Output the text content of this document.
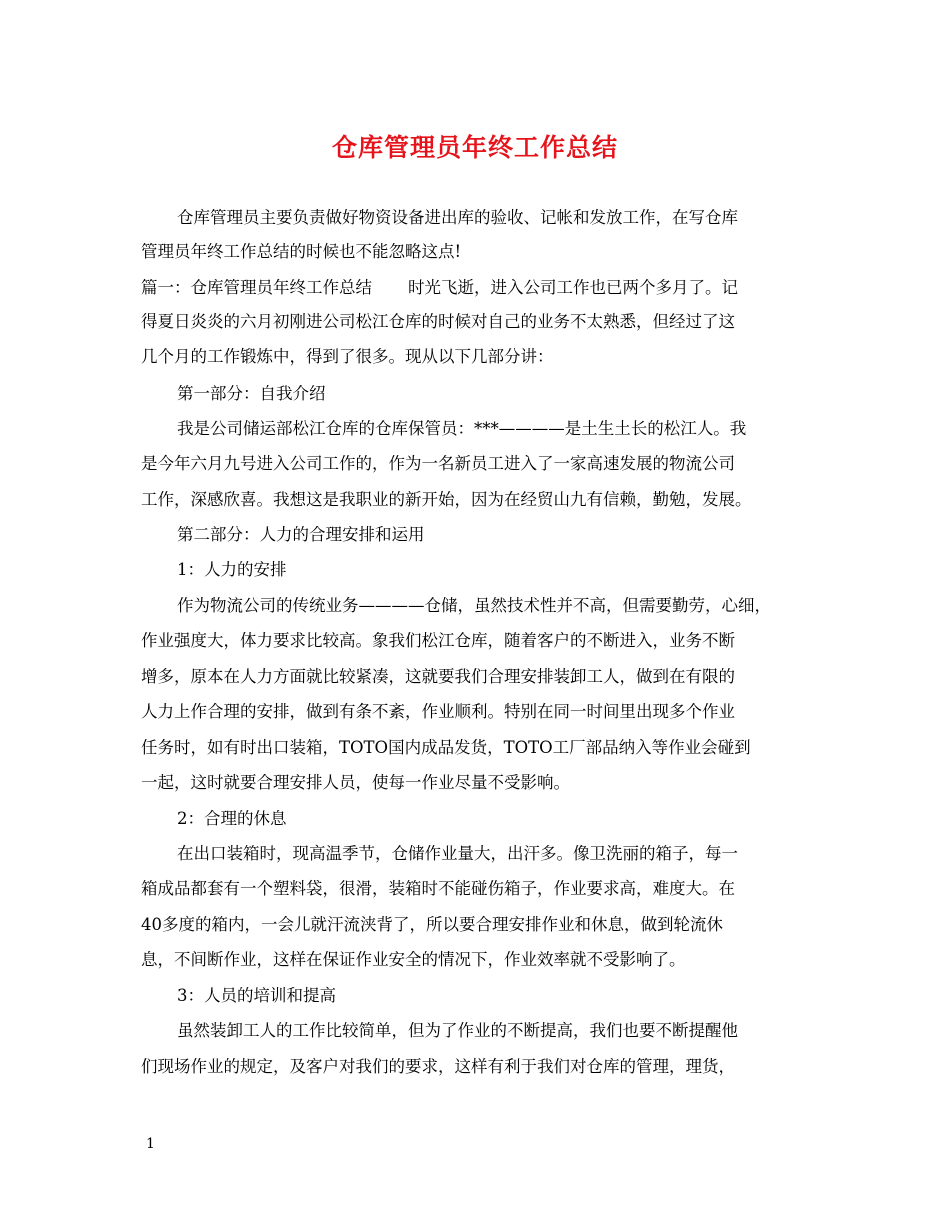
仓库管理员年终工作总结
仓库管理员主要负责做好物资设备进出库的验收、记帐和发放工作，在写仓库
管理员年终工作总结的时候也不能忽略这点!
篇一：仓库管理员年终工作总结 时光飞逝，进入公司工作也已两个多月了。记
得夏日炎炎的六月初刚进公司松江仓库的时候对自己的业务不太熟悉，但经过了这
几个月的工作锻炼中，得到了很多。现从以下几部分讲：
第一部分：自我介绍
我是公司储运部松江仓库的仓库保管员：***————是土生土长的松江人。我
是今年六月九号进入公司工作的，作为一名新员工进入了一家高速发展的物流公司
工作，深感欣喜。我想这是我职业的新开始，因为在经贸山九有信赖，勤勉，发展。
第二部分：人力的合理安排和运用
1：人力的安排
作为物流公司的传统业务————仓储，虽然技术性并不高，但需要勤劳，心细，
作业强度大，体力要求比较高。象我们松江仓库，随着客户的不断进入，业务不断
增多，原本在人力方面就比较紧凑，这就要我们合理安排装卸工人，做到在有限的
人力上作合理的安排，做到有条不紊，作业顺利。特别在同一时间里出现多个作业
任务时，如有时出口装箱，TOTO国内成品发货，TOTO工厂部品纳入等作业会碰到
一起，这时就要合理安排人员，使每一作业尽量不受影响。
2：合理的休息
在出口装箱时，现高温季节，仓储作业量大，出汗多。像卫洗丽的箱子，每一
箱成品都套有一个塑料袋，很滑，装箱时不能碰伤箱子，作业要求高，难度大。在
40多度的箱内，一会儿就汗流浃背了，所以要合理安排作业和休息，做到轮流休
息，不间断作业，这样在保证作业安全的情况下，作业效率就不受影响了。
3：人员的培训和提高
虽然装卸工人的工作比较简单，但为了作业的不断提高，我们也要不断提醒他
们现场作业的规定，及客户对我们的要求，这样有利于我们对仓库的管理，理货，
1
